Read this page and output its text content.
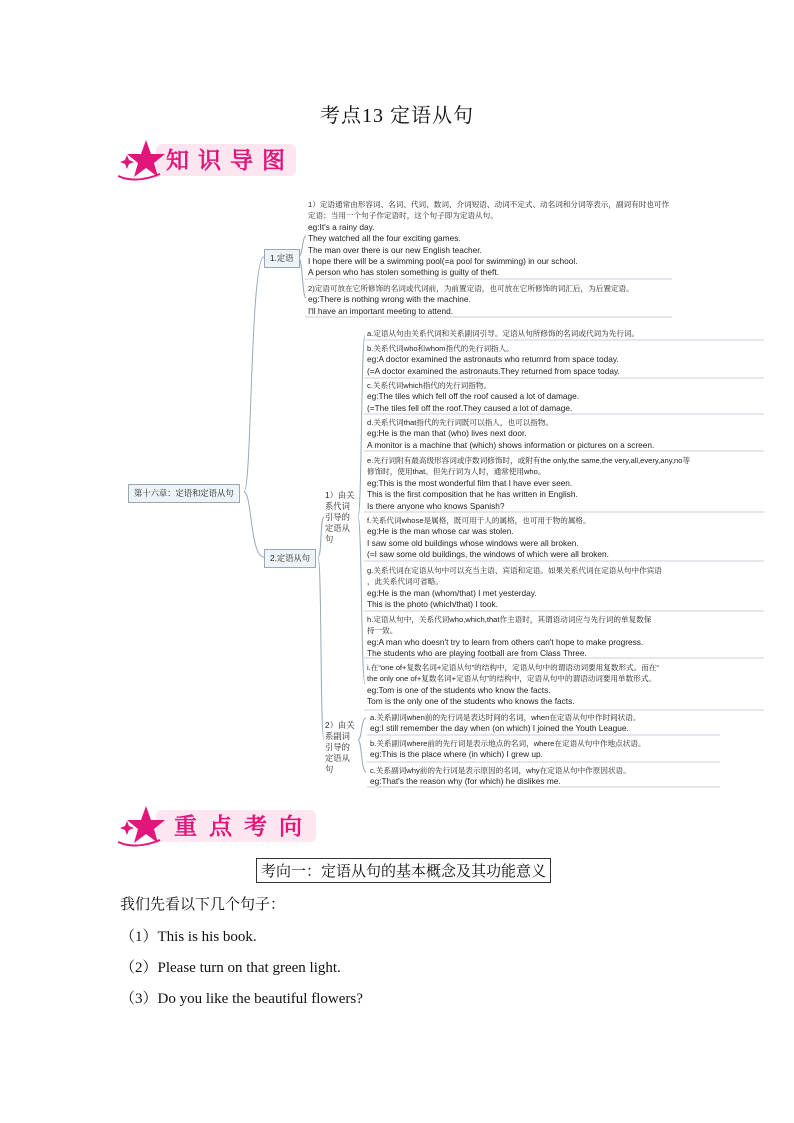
考点13 定语从句
知识导图
第十六章：定语和定语从句
1.定语
2.定语从句
1）由关系代词引导的定语从句
2）由关系副词引导的定语从句
1）定语通常由形容词、名词、代词、数词、介词短语、动词不定式、动名词和分词等表示，副词有时也可作
定语；当用一个句子作定语时，这个句子即为定语从句。
eg:It's a rainy day.
They watched all the four exciting games.
The man over there is our new English teacher.
I hope there will be a swimming pool(=a pool for swimming) in our school.
A person who has stolen something is guilty of theft.
2)定语可放在它所修饰的名词或代词前，为前置定语，也可放在它所修饰的词汇后，为后置定语。
eg:There is nothing wrong with the machine.
I'll have an important meeting to attend.
a.定语从句由关系代词和关系副词引导。定语从句所修饰的名词或代词为先行词。
b.关系代词who和whom指代的先行词指人。
eg:A doctor examined the astronauts who returnrd from space today.
(=A doctor examined the astronauts.They returned from space today.
c.关系代词which指代的先行词指物。
eg:The tiles which fell off the roof caused a lot of damage.
(=The tiles fell off the roof.They caused a lot of damage.
d.关系代词that指代的先行词既可以指人，也可以指物。
eg:He is the man that (who) lives next door.
A monitor is a machine that (which) shows information or pictures on a screen.
e.先行词附有最高级形容词或序数词修饰时，或附有the only,the same,the very,all,every,any,no等
修饰时，使用that。但先行词为人时，通常使用who。
eg:This is the most wonderful film that I have ever seen.
This is the first composition that he has written in English.
Is there anyone who knows Spanish?
f.关系代词whose是属格，既可用于人的属格，也可用于物的属格。
eg:He is the man whose car was stolen.
I saw some old buildings whose windows were all broken.
(=I saw some old buildings, the windows of which were all broken.
g.关系代词在定语从句中可以充当主语、宾语和定语。如果关系代词在定语从句中作宾语
，此关系代词可省略。
eg:He is the man (whom/that) I met yesterday.
This is the photo (which/that) I took.
h.定语从句中，关系代词who,which,that作主语时，其谓语动词应与先行词的单复数保
持一致。
eg:A man who doesn't try to learn from others can't hope to make progress.
The students who are playing football are from Class Three.
i.在“one of+复数名词+定语从句”的结构中，定语从句中的谓语动词要用复数形式。而在“
the only one of+复数名词+定语从句”的结构中，定语从句中的谓语动词要用单数形式。
eg:Tom is one of the students who know the facts.
Tom is the only one of the students who knows the facts.
a.关系副词when前的先行词是表达时间的名词，when在定语从句中作时间状语。
eg:I still remember the day when (on which) I joined the Youth League.
b.关系副词where前的先行词是表示地点的名词，where在定语从句中作地点状语。
eg:This is the place where (in which) I grew up.
c.关系副词why前的先行词是表示原因的名词，why在定语从句中作原因状语。
eg:That's the reason why (for which) he dislikes me.
重点考向
考向一：定语从句的基本概念及其功能意义
我们先看以下几个句子：
（1）This is his book.
（2）Please turn on that green light.
（3）Do you like the beautiful flowers?
